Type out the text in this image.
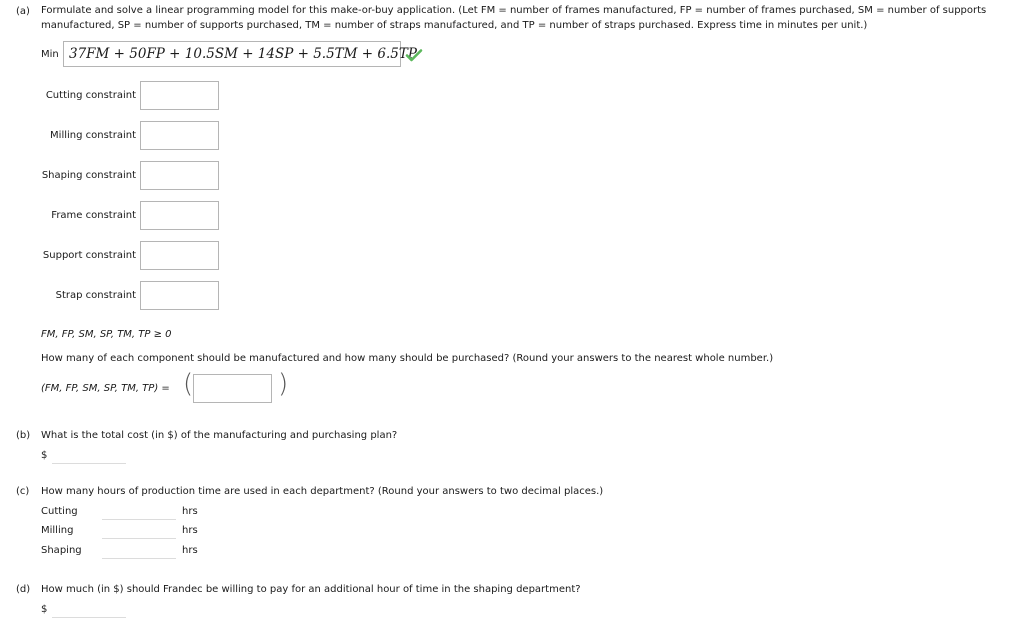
(a) Formulate and solve a linear programming model for this make-or-buy application. (Let FM = number of frames manufactured, FP = number of frames purchased, SM = number of supports
manufactured, SP = number of supports purchased, TM = number of straps manufactured, and TP = number of straps purchased. Express time in minutes per unit.)
Min 37FM + 50FP + 10.5SM + 14SP + 5.5TM + 6.5TP
Cutting constraint
Milling constraint
Shaping constraint
Frame constraint
Support constraint
Strap constraint
FM, FP, SM, SP, TM, TP ≥ 0
How many of each component should be manufactured and how many should be purchased? (Round your answers to the nearest whole number.)
(FM, FP, SM, SP, TM, TP) = (	)
(b) What is the total cost (in $) of the manufacturing and purchasing plan?
$
(c) How many hours of production time are used in each department? (Round your answers to two decimal places.)
Cutting	hrs
Milling	hrs
Shaping	hrs
(d) How much (in $) should Frandec be willing to pay for an additional hour of time in the shaping department?
$
